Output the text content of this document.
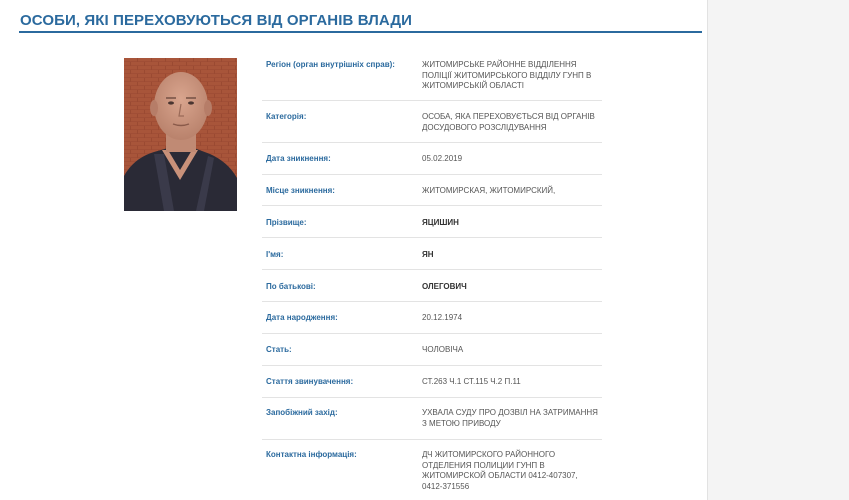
ОСОБИ, ЯКІ ПЕРЕХОВУЮТЬСЯ ВІД ОРГАНІВ ВЛАДИ
Регіон (орган внутрішніх справ):	ЖИТОМИРСЬКЕ РАЙОННЕ ВІДДІЛЕННЯ ПОЛІЦІЇ ЖИТОМИРСЬКОГО ВІДДІЛУ ГУНП В ЖИТОМИРСЬКІЙ ОБЛАСТІ
Категорія:	ОСОБА, ЯКА ПЕРЕХОВУЄТЬСЯ ВІД ОРГАНІВ ДОСУДОВОГО РОЗСЛІДУВАННЯ
Дата зникнення:	05.02.2019
Місце зникнення:	ЖИТОМИРСКАЯ, ЖИТОМИРСКИЙ,
Прізвище:	ЯЦИШИН
І'мя:	ЯН
По батькові:	ОЛЕГОВИЧ
Дата народження:	20.12.1974
Стать:	ЧОЛОВІЧА
Стаття звинувачення:	СТ.263 Ч.1 СТ.115 Ч.2 П.11
Запобіжний захід:	УХВАЛА СУДУ ПРО ДОЗВІЛ НА ЗАТРИМАННЯ З МЕТОЮ ПРИВОДУ
Контактна інформація:	ДЧ ЖИТОМИРСКОГО РАЙОННОГО ОТДЕЛЕНИЯ ПОЛИЦИИ ГУНП В ЖИТОМИРСКОЙ ОБЛАСТИ 0412-407307, 0412-371556
